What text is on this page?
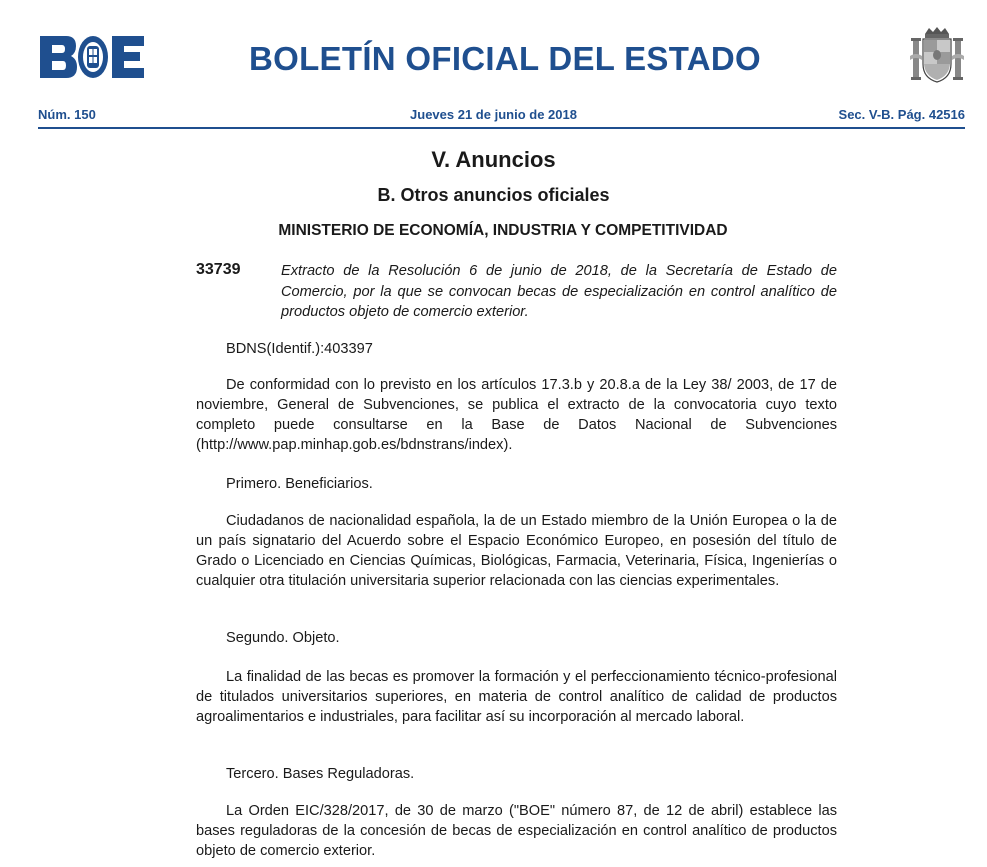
BOE
BOLETÍN OFICIAL DEL ESTADO
Núm. 150	Jueves 21 de junio de 2018	Sec. V-B. Pág. 42516
V. Anuncios
B. Otros anuncios oficiales
MINISTERIO DE ECONOMÍA, INDUSTRIA Y COMPETITIVIDAD
33739	Extracto de la Resolución 6 de junio de 2018, de la Secretaría de Estado de Comercio, por la que se convocan becas de especialización en control analítico de productos objeto de comercio exterior.
BDNS(Identif.):403397
De conformidad con lo previsto en los artículos 17.3.b y 20.8.a de la Ley 38/ 2003, de 17 de noviembre, General de Subvenciones, se publica el extracto de la convocatoria cuyo texto completo puede consultarse en la Base de Datos Nacional de Subvenciones (http://www.pap.minhap.gob.es/bdnstrans/index).
Primero. Beneficiarios.
Ciudadanos de nacionalidad española, la de un Estado miembro de la Unión Europea o la de un país signatario del Acuerdo sobre el Espacio Económico Europeo, en posesión del título de Grado o Licenciado en Ciencias Químicas, Biológicas, Farmacia, Veterinaria, Física, Ingenierías o cualquier otra titulación universitaria superior relacionada con las ciencias experimentales.
Segundo. Objeto.
La finalidad de las becas es promover la formación y el perfeccionamiento técnico-profesional de titulados universitarios superiores, en materia de control analítico de calidad de productos agroalimentarios e industriales, para facilitar así su incorporación al mercado laboral.
Tercero. Bases Reguladoras.
La Orden EIC/328/2017, de 30 de marzo ("BOE" número 87, de 12 de abril) establece las bases reguladoras de la concesión de becas de especialización en control analítico de productos objeto de comercio exterior.
